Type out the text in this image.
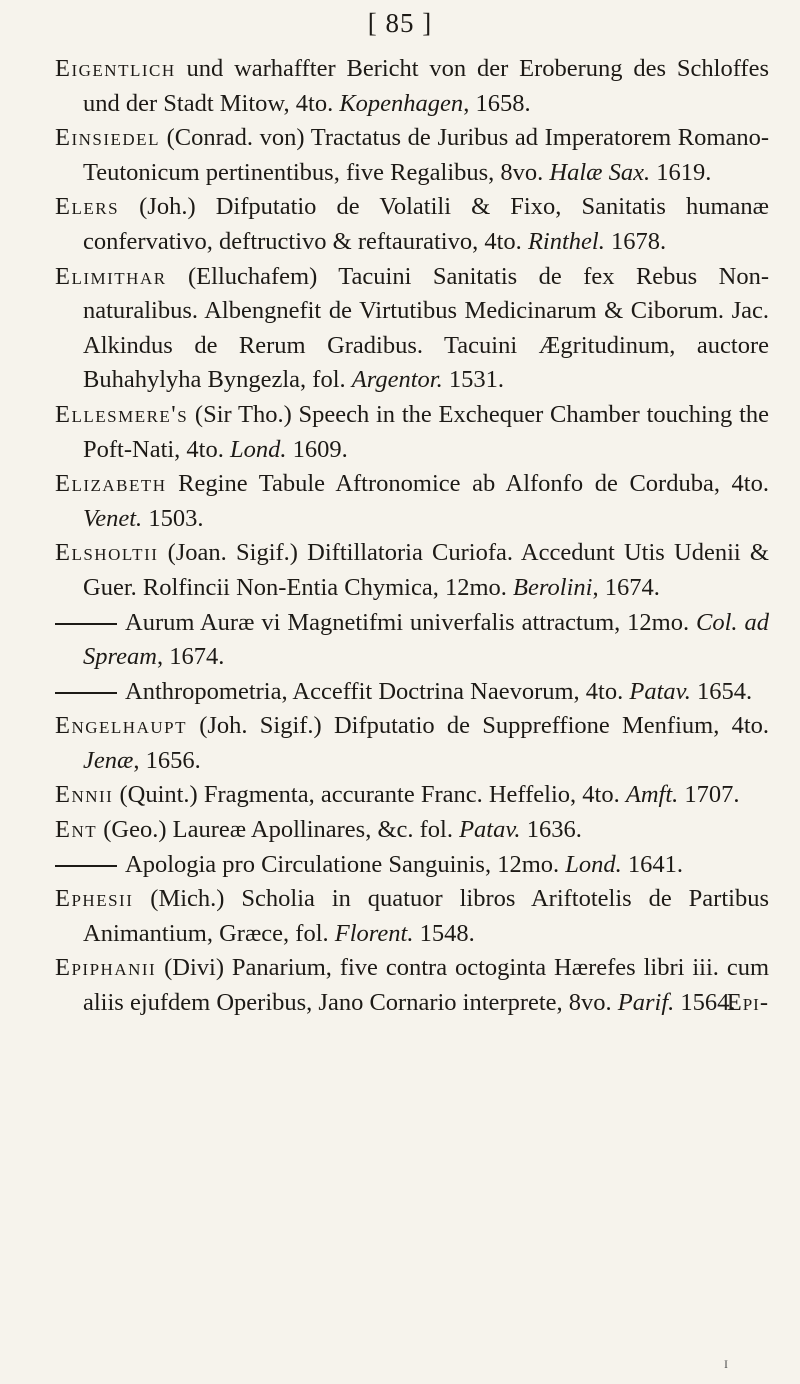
[ 85 ]
Eigentlich und warhaffter Bericht von der Eroberung des Schloffes und der Stadt Mitow, 4to. Kopenhagen, 1658.
Einsiedel (Conrad. von) Tractatus de Juribus ad Imperatorem Romano-Teutonicum pertinentibus, five Regalibus, 8vo. Halæ Sax. 1619.
Elers (Joh.) Difputatio de Volatili & Fixo, Sanitatis humanæ confervativo, deftructivo & reftaurativo, 4to. Rinthel. 1678.
Elimithar (Elluchafem) Tacuini Sanitatis de fex Rebus Non-naturalibus. Albengnefit de Virtutibus Medicinarum & Ciborum. Jac. Alkindus de Rerum Gradibus. Tacuini Ægritudinum, auctore Buhahylyha Byngezla, fol. Argentor. 1531.
Ellesmere's (Sir Tho.) Speech in the Exchequer Chamber touching the Poft-Nati, 4to. Lond. 1609.
Elizabeth Regine Tabule Aftronomice ab Alfonfo de Corduba, 4to. Venet. 1503.
Elsholtii (Joan. Sigif.) Diftillatoria Curiofa. Accedunt Utis Udenii & Guer. Rolfincii Non-Entia Chymica, 12mo. Berolini, 1674.
Aurum Auræ vi Magnetifmi univerfalis attractum, 12mo. Col. ad Spream, 1674.
Anthropometria, Acceffit Doctrina Naevorum, 4to. Patav. 1654.
Engelhaupt (Joh. Sigif.) Difputatio de Suppreffione Menfium, 4to. Jenæ, 1656.
Ennii (Quint.) Fragmenta, accurante Franc. Heffelio, 4to. Amft. 1707.
Ent (Geo.) Laureæ Apollinares, &c. fol. Patav. 1636.
Apologia pro Circulatione Sanguinis, 12mo. Lond. 1641.
Ephesii (Mich.) Scholia in quatuor libros Ariftotelis de Partibus Animantium, Græce, fol. Florent. 1548.
Epiphanii (Divi) Panarium, five contra octoginta Hærefes libri iii. cum aliis ejufdem Operibus, Jano Cornario interprete, 8vo. Parif. 1564.
Epi-
I
